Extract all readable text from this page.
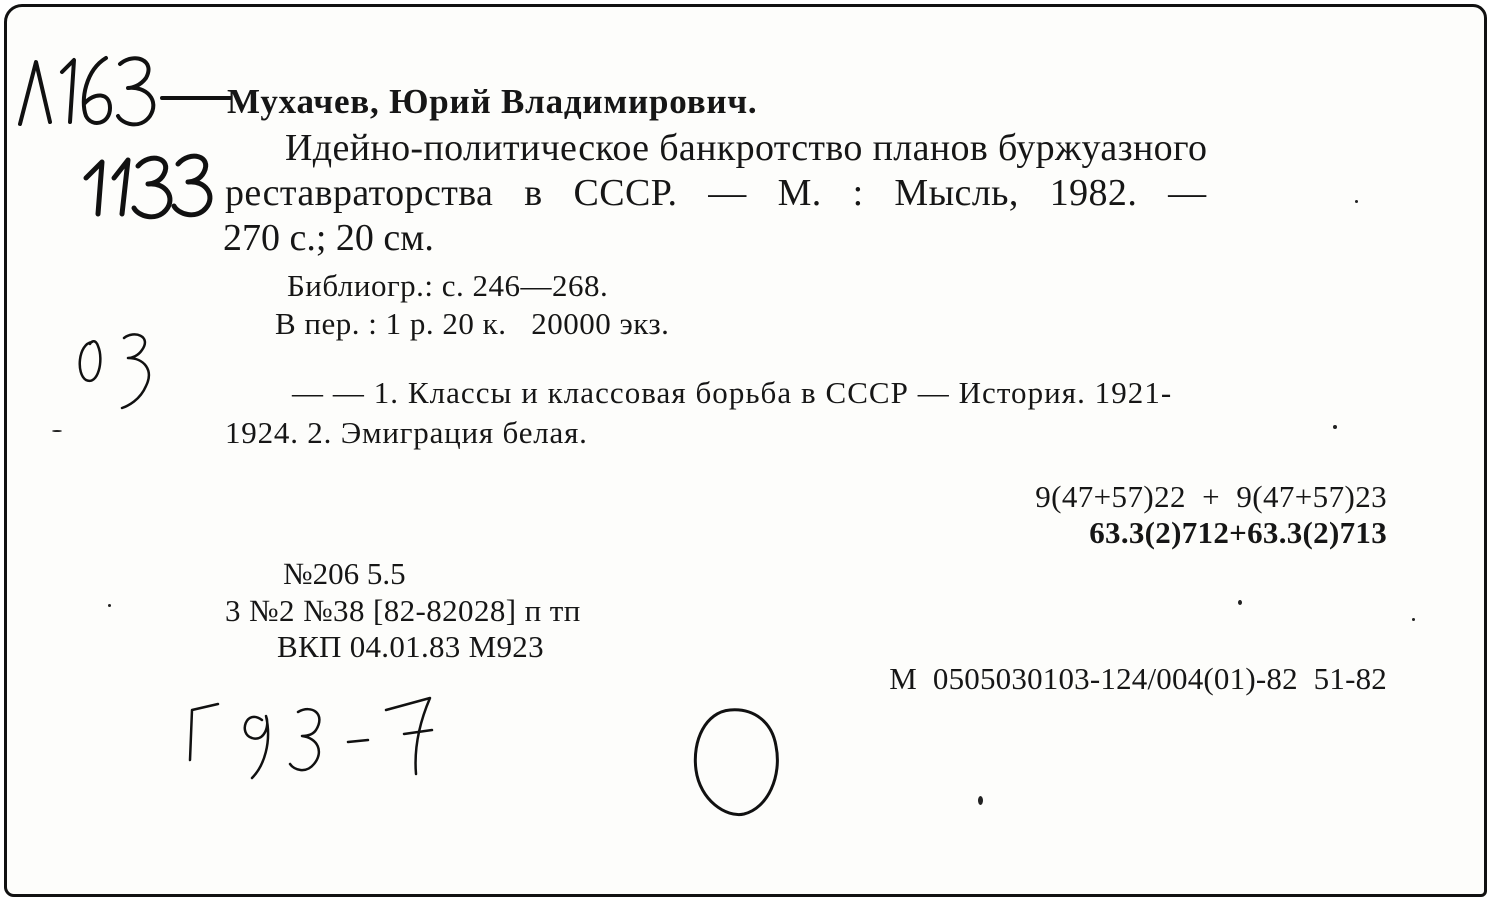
Мухачев, Юрий Владимирович.
Идейно-политическое банкротство планов буржуазного
реставраторства в СССР. — М. : Мысль, 1982. —
270 с.; 20 см.
Библиогр.: с. 246—268.
В пер. : 1 р. 20 к.   20000 экз.
— — 1. Классы и классовая борьба в СССР — История. 1921-
1924. 2. Эмиграция белая.
9(47+57)22  +  9(47+57)23
63.3(2)712+63.3(2)713
№206 5.5
3 №2 №38 [82-82028] п тп
ВКП 04.01.83 М923
М  0505030103-124/004(01)-82  51-82
